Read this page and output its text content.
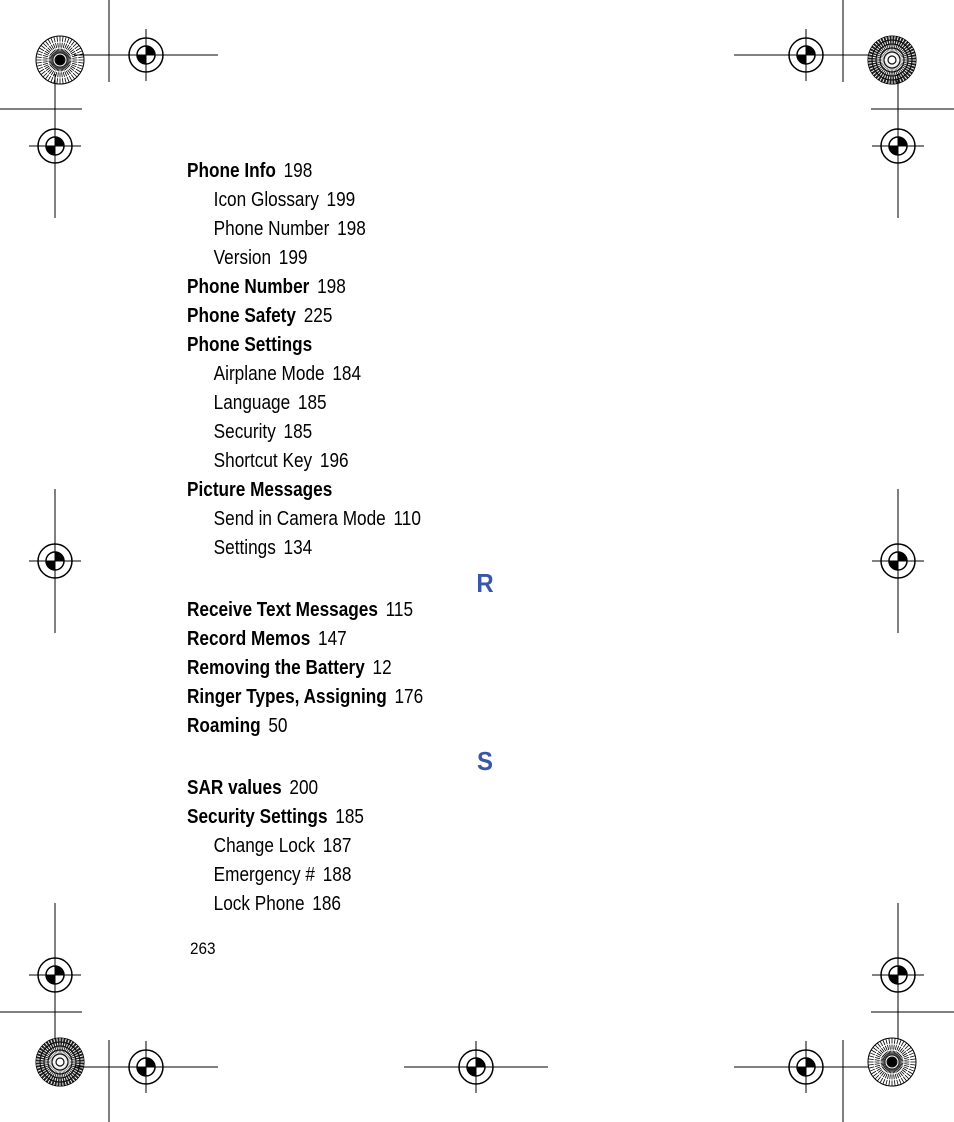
Phone Info 198
Icon Glossary 199
Phone Number 198
Version 199
Phone Number 198
Phone Safety 225
Phone Settings
Airplane Mode 184
Language 185
Security 185
Shortcut Key 196
Picture Messages
Send in Camera Mode 110
Settings 134
R
Receive Text Messages 115
Record Memos 147
Removing the Battery 12
Ringer Types, Assigning 176
Roaming 50
S
SAR values 200
Security Settings 185
Change Lock 187
Emergency # 188
Lock Phone 186
263
